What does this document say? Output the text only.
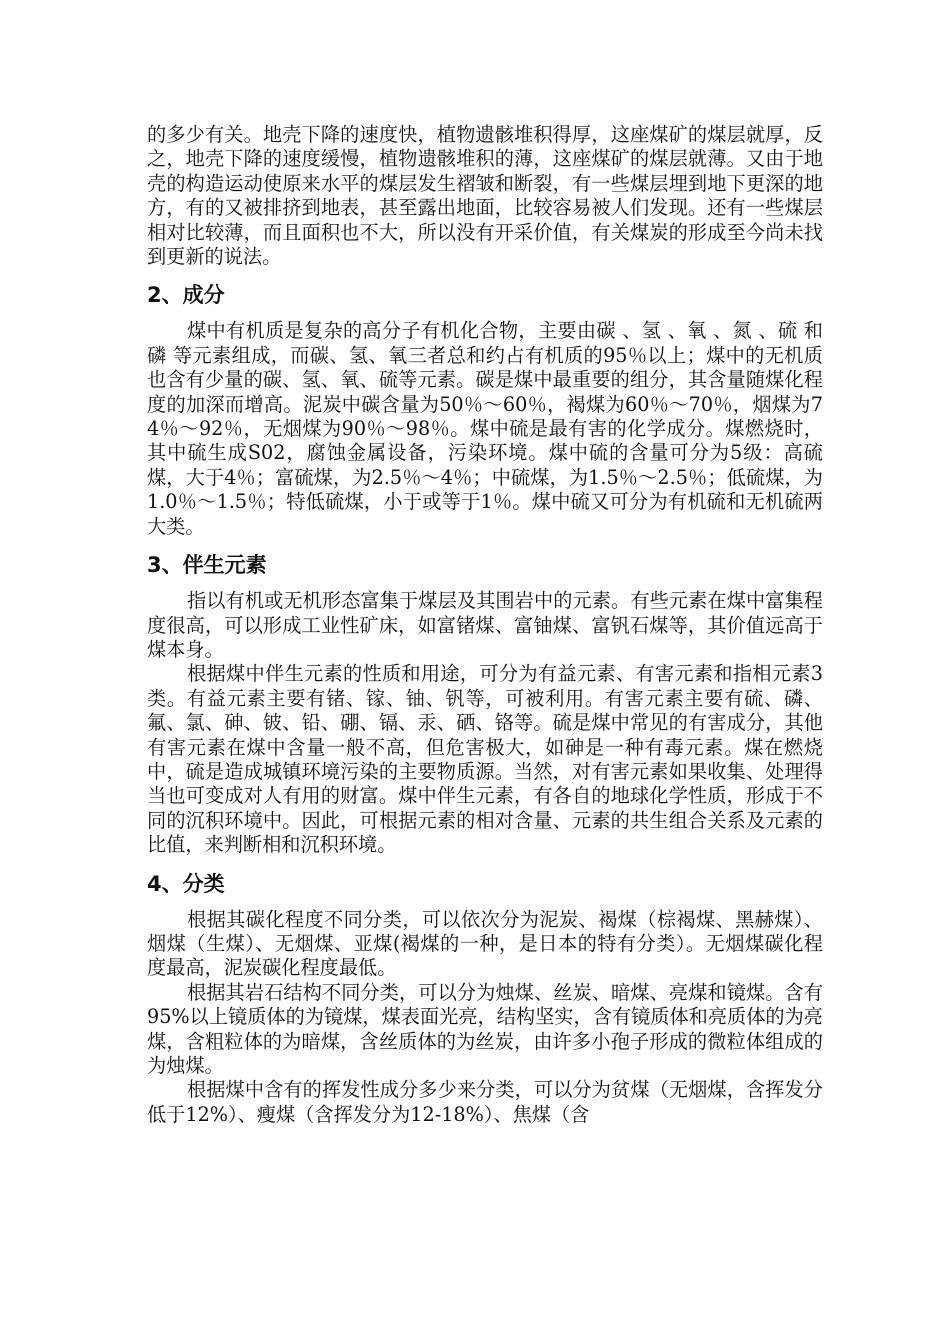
的多少有关。地壳下降的速度快，植物遗骸堆积得厚，这座煤矿的煤层就厚，反之，地壳下降的速度缓慢，植物遗骸堆积的薄，这座煤矿的煤层就薄。又由于地壳的构造运动使原来水平的煤层发生褶皱和断裂，有一些煤层埋到地下更深的地方，有的又被排挤到地表，甚至露出地面，比较容易被人们发现。还有一些煤层相对比较薄，而且面积也不大，所以没有开采价值，有关煤炭的形成至今尚未找到更新的说法。

2、成分

煤中有机质是复杂的高分子有机化合物，主要由碳 、氢 、氧 、氮 、硫 和磷 等元素组成，而碳、氢、氧三者总和约占有机质的95％以上；煤中的无机质也含有少量的碳、氢、氧、硫等元素。碳是煤中最重要的组分，其含量随煤化程度的加深而增高。泥炭中碳含量为50％～60％，褐煤为60％～70％，烟煤为74％～92％，无烟煤为90％～98％。煤中硫是最有害的化学成分。煤燃烧时，其中硫生成S02，腐蚀金属设备，污染环境。煤中硫的含量可分为5级：高硫煤，大于4％；富硫煤，为2.5％～4％；中硫煤，为1.5％～2.5％；低硫煤，为1.0％～1.5％；特低硫煤，小于或等于1％。煤中硫又可分为有机硫和无机硫两大类。

3、伴生元素

指以有机或无机形态富集于煤层及其围岩中的元素。有些元素在煤中富集程度很高，可以形成工业性矿床，如富锗煤、富铀煤、富钒石煤等，其价值远高于煤本身。

根据煤中伴生元素的性质和用途，可分为有益元素、有害元素和指相元素3类。有益元素主要有锗、镓、铀、钒等，可被利用。有害元素主要有硫、磷、氟、氯、砷、铍、铅、硼、镉、汞、硒、铬等。硫是煤中常见的有害成分，其他有害元素在煤中含量一般不高，但危害极大，如砷是一种有毒元素。煤在燃烧中，硫是造成城镇环境污染的主要物质源。当然，对有害元素如果收集、处理得当也可变成对人有用的财富。煤中伴生元素，有各自的地球化学性质，形成于不同的沉积环境中。因此，可根据元素的相对含量、元素的共生组合关系及元素的比值，来判断相和沉积环境。

4、分类

根据其碳化程度不同分类，可以依次分为泥炭、褐煤（棕褐煤、黑赫煤）、烟煤（生煤）、无烟煤、亚煤(褐煤的一种，是日本的特有分类）。无烟煤碳化程度最高，泥炭碳化程度最低。

根据其岩石结构不同分类，可以分为烛煤、丝炭、暗煤、亮煤和镜煤。含有95%以上镜质体的为镜煤，煤表面光亮，结构坚实，含有镜质体和亮质体的为亮煤，含粗粒体的为暗煤，含丝质体的为丝炭，由许多小孢子形成的微粒体组成的为烛煤。

根据煤中含有的挥发性成分多少来分类，可以分为贫煤（无烟煤，含挥发分低于12%）、瘦煤（含挥发分为12-18%）、焦煤（含
